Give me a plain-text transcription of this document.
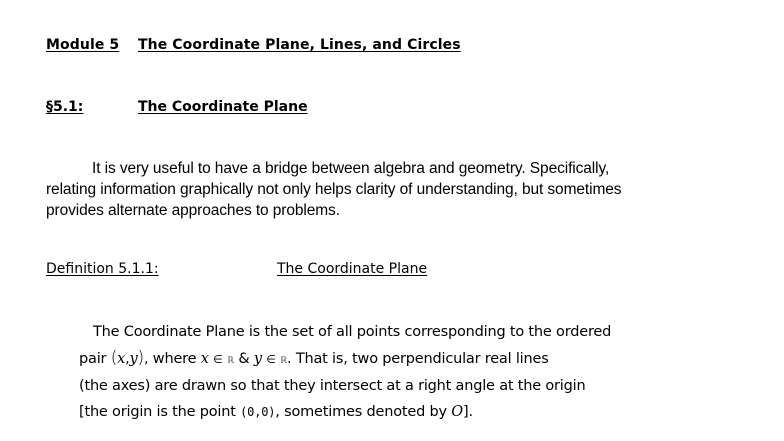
Module 5 The Coordinate Plane, Lines, and Circles
§5.1:	The Coordinate Plane
It is very useful to have a bridge between algebra and geometry. Specifically,
relating information graphically not only helps clarity of understanding, but sometimes
provides alternate approaches to problems.
Definition 5.1.1:	The Coordinate Plane
The Coordinate Plane is the set of all points corresponding to the ordered
pair (x,y), where x ∈ ℝ & y ∈ ℝ. That is, two perpendicular real lines
(the axes) are drawn so that they intersect at a right angle at the origin
[the origin is the point (0,0), sometimes denoted by O].
